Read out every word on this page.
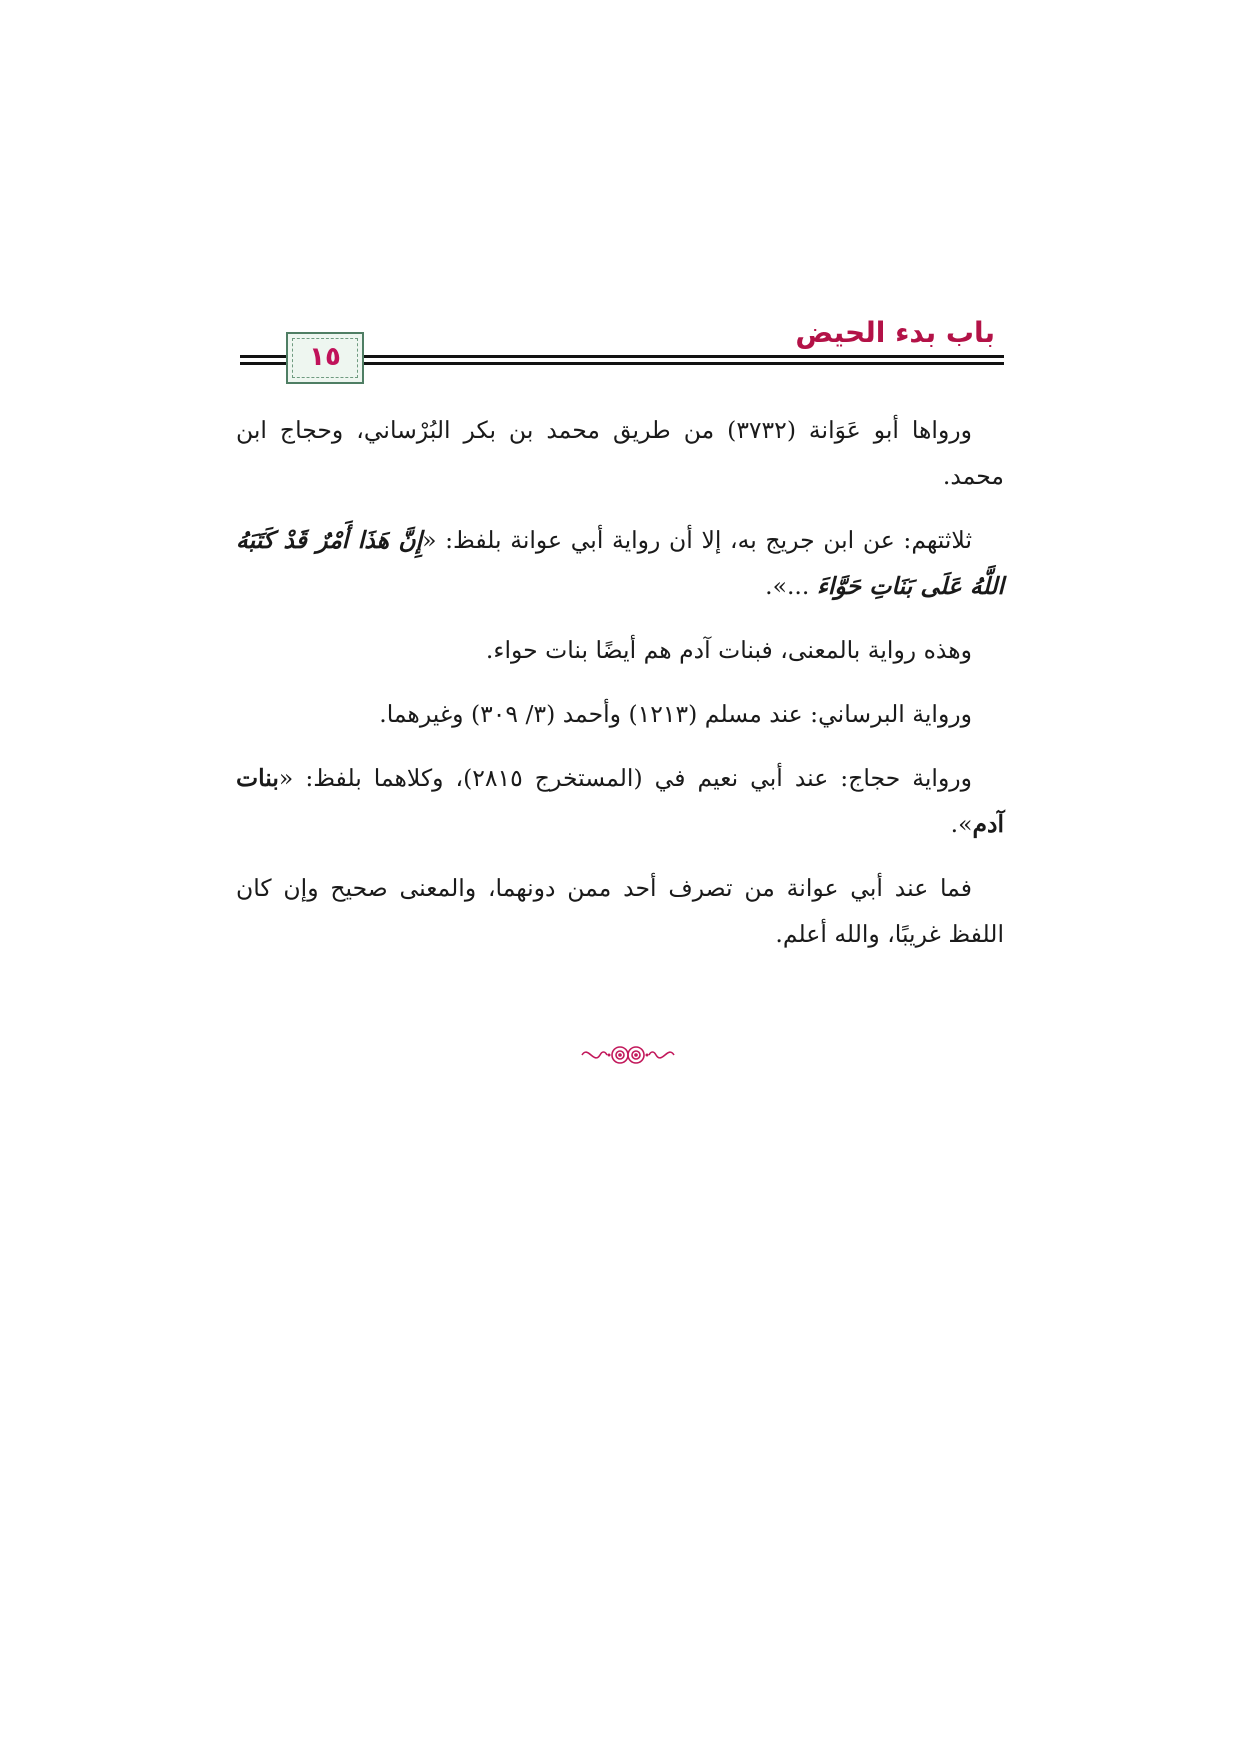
باب بدء الحيض
١٥

ورواها أبو عَوَانة (٣٧٣٢) من طريق محمد بن بكر البُرْساني، وحجاج ابن محمد.

ثلاثتهم: عن ابن جريج به، إلا أن رواية أبي عوانة بلفظ: «إِنَّ هَذَا أَمْرٌ قَدْ كَتَبَهُ اللَّهُ عَلَى بَنَاتِ حَوَّاءَ ...».

وهذه رواية بالمعنى، فبنات آدم هم أيضًا بنات حواء.

ورواية البرساني: عند مسلم (١٢١٣) وأحمد (٣/ ٣٠٩) وغيرهما.

ورواية حجاج: عند أبي نعيم في (المستخرج ٢٨١٥)، وكلاهما بلفظ: «بنات آدم».

فما عند أبي عوانة من تصرف أحد ممن دونهما، والمعنى صحيح وإن كان اللفظ غريبًا، والله أعلم.
